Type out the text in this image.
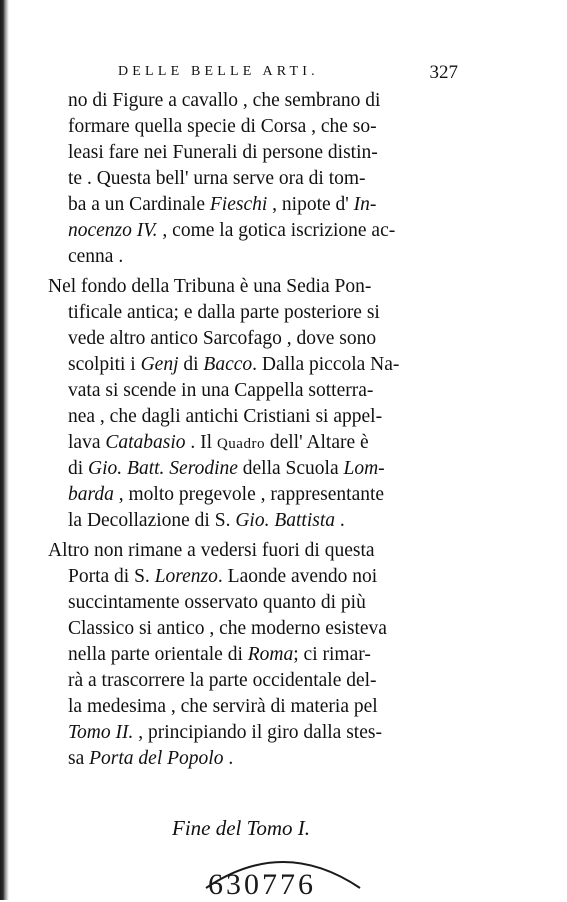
DELLE BELLE ARTI.	327
no di Figure a cavallo , che sembrano di
formare quella specie di Corsa , che so-
leasi fare nei Funerali di persone distin-
te . Questa bell' urna serve ora di tom-
ba a un Cardinale Fieschi , nipote d' In-
nocenzo IV. , come la gotica iscrizione ac-
cenna .
Nel fondo della Tribuna è una Sedia Pon-
tificale antica; e dalla parte posteriore si
vede altro antico Sarcofago , dove sono
scolpiti i Genj di Bacco. Dalla piccola Na-
vata si scende in una Cappella sotterra-
nea , che dagli antichi Cristiani si appel-
lava Catabasio . Il Quadro dell' Altare è
di Gio. Batt. Serodine della Scuola Lom-
barda , molto pregevole , rappresentante
la Decollazione di S. Gio. Battista .
Altro non rimane a vedersi fuori di questa
Porta di S. Lorenzo. Laonde avendo noi
succintamente osservato quanto di più
Classico si antico , che moderno esisteva
nella parte orientale di Roma; ci rimar-
rà a trascorrere la parte occidentale del-
la medesima , che servirà di materia pel
Tomo II. , principiando il giro dalla stes-
sa Porta del Popolo .
Fine del Tomo I.
630776
